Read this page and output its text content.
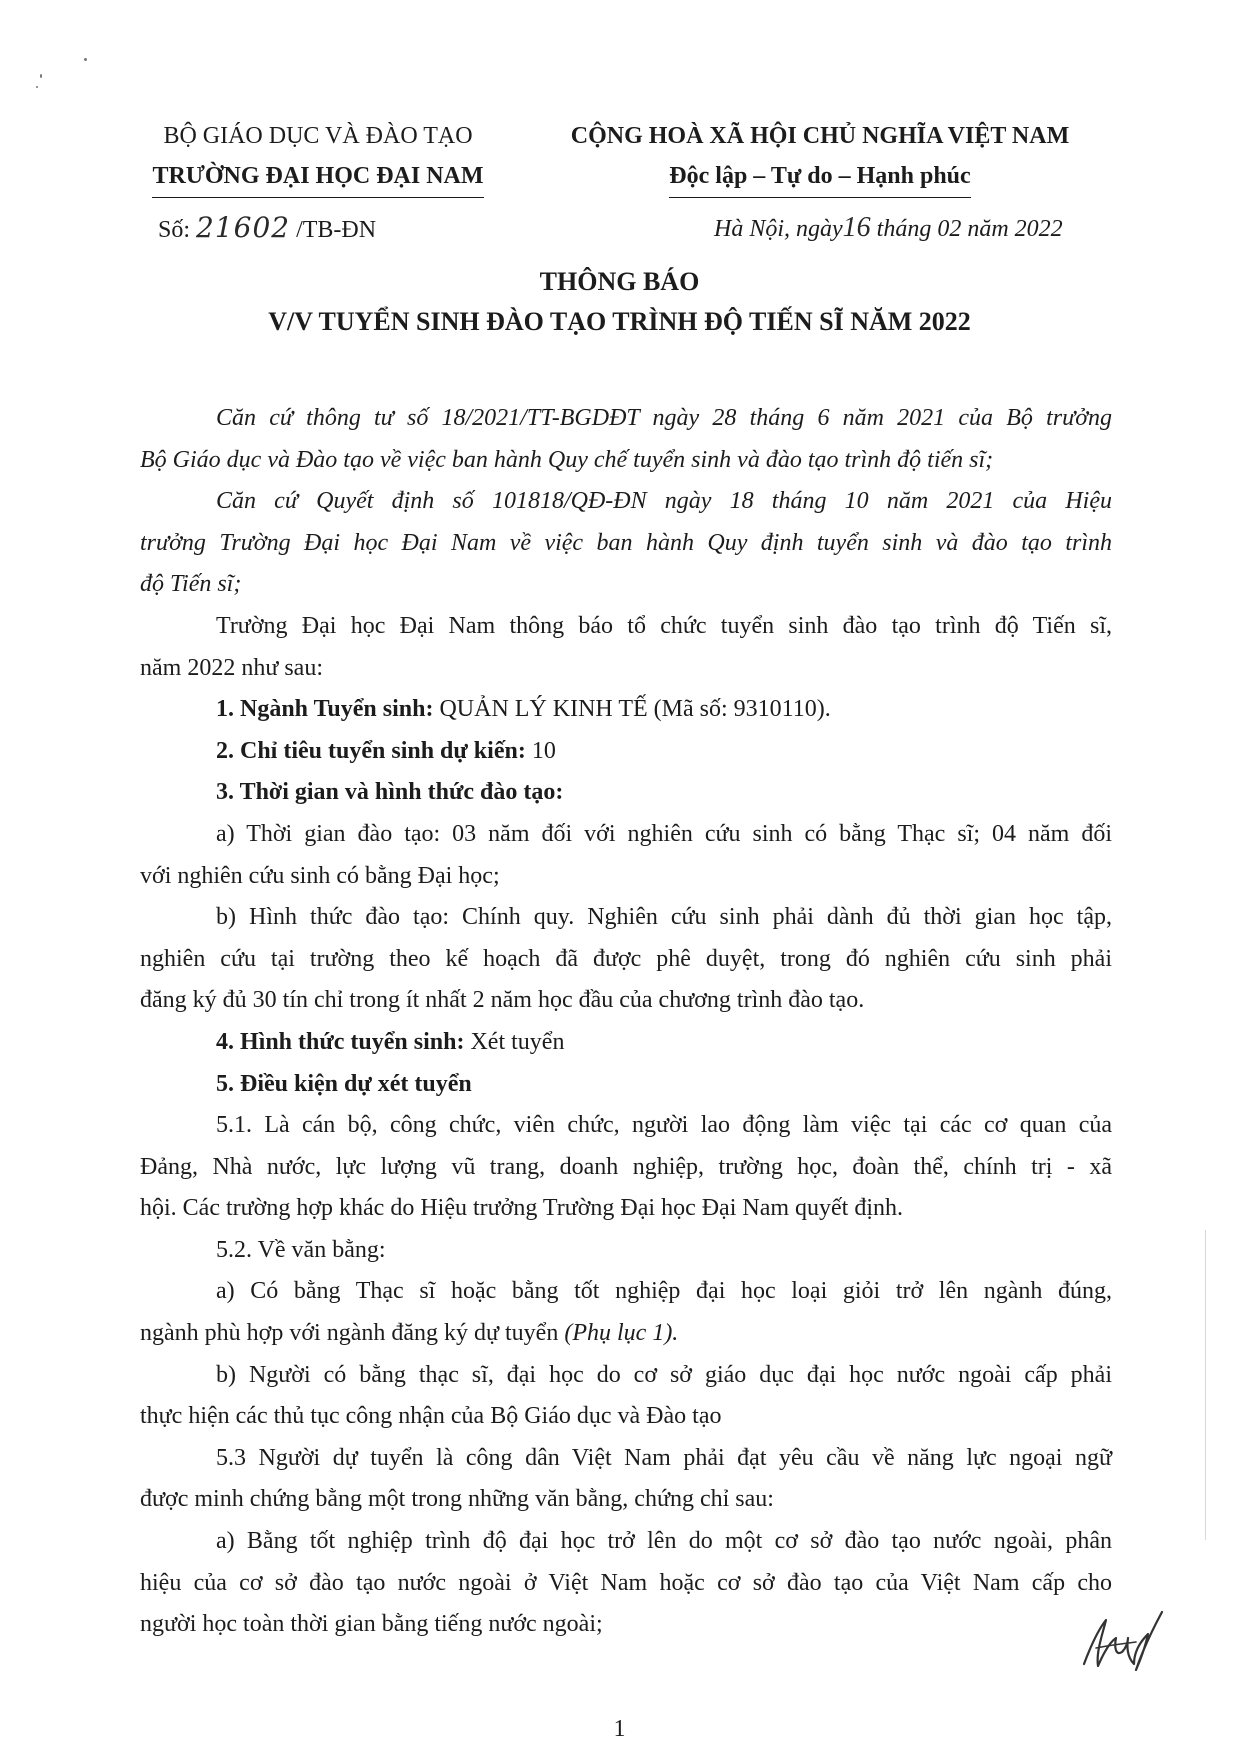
BỘ GIÁO DỤC VÀ ĐÀO TẠO
TRƯỜNG ĐẠI HỌC ĐẠI NAM
CỘNG HOÀ XÃ HỘI CHỦ NGHĨA VIỆT NAM
Độc lập – Tự do – Hạnh phúc
Số: 21602 /TB-ĐN	Hà Nội, ngày16 tháng 02 năm 2022
THÔNG BÁO
V/V TUYỂN SINH ĐÀO TẠO TRÌNH ĐỘ TIẾN SĨ NĂM 2022

Căn cứ thông tư số 18/2021/TT-BGDĐT ngày 28 tháng 6 năm 2021 của Bộ trưởng

Bộ Giáo dục và Đào tạo về việc ban hành Quy chế tuyển sinh và đào tạo trình độ tiến sĩ;

Căn cứ Quyết định số 101818/QĐ-ĐN ngày 18 tháng 10 năm 2021 của Hiệu

trưởng Trường Đại học Đại Nam về việc ban hành Quy định tuyển sinh và đào tạo trình

độ Tiến sĩ;

Trường Đại học Đại Nam thông báo tổ chức tuyển sinh đào tạo trình độ Tiến sĩ,

năm 2022 như sau:

1. Ngành Tuyển sinh: QUẢN LÝ KINH TẾ (Mã số: 9310110).

2. Chỉ tiêu tuyển sinh dự kiến: 10

3. Thời gian và hình thức đào tạo:

a) Thời gian đào tạo: 03 năm đối với nghiên cứu sinh có bằng Thạc sĩ; 04 năm đối

với nghiên cứu sinh có bằng Đại học;

b) Hình thức đào tạo: Chính quy. Nghiên cứu sinh phải dành đủ thời gian học tập,

nghiên cứu tại trường theo kế hoạch đã được phê duyệt, trong đó nghiên cứu sinh phải

đăng ký đủ 30 tín chỉ trong ít nhất 2 năm học đầu của chương trình đào tạo.

4. Hình thức tuyển sinh: Xét tuyển

5. Điều kiện dự xét tuyển

5.1. Là cán bộ, công chức, viên chức, người lao động làm việc tại các cơ quan của

Đảng, Nhà nước, lực lượng vũ trang, doanh nghiệp, trường học, đoàn thể, chính trị - xã

hội. Các trường hợp khác do Hiệu trưởng Trường Đại học Đại Nam quyết định.

5.2. Về văn bằng:

a) Có bằng Thạc sĩ hoặc bằng tốt nghiệp đại học loại giỏi trở lên ngành đúng,

ngành phù hợp với ngành đăng ký dự tuyển (Phụ lục 1).

b) Người có bằng thạc sĩ, đại học do cơ sở giáo dục đại học nước ngoài cấp phải

thực hiện các thủ tục công nhận của Bộ Giáo dục và Đào tạo

5.3 Người dự tuyển là công dân Việt Nam phải đạt yêu cầu về năng lực ngoại ngữ

được minh chứng bằng một trong những văn bằng, chứng chỉ sau:

a) Bằng tốt nghiệp trình độ đại học trở lên do một cơ sở đào tạo nước ngoài, phân

hiệu của cơ sở đào tạo nước ngoài ở Việt Nam hoặc cơ sở đào tạo của Việt Nam cấp cho

người học toàn thời gian bằng tiếng nước ngoài;

1
